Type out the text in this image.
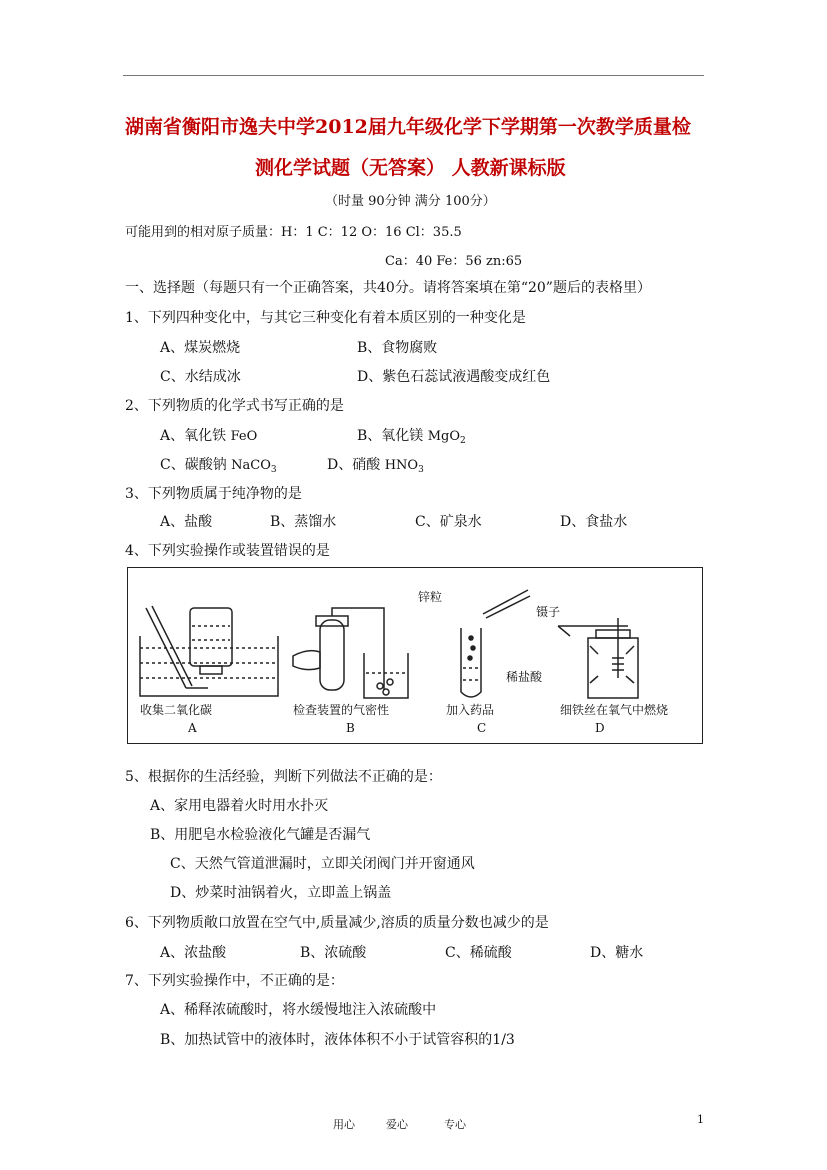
湖南省衡阳市逸夫中学2012届九年级化学下学期第一次教学质量检
测化学试题（无答案） 人教新课标版
（时量 90分钟 满分 100分）
可能用到的相对原子质量：H：1 C：12 O：16 Cl：35.5
Ca：40 Fe：56 zn:65
一、选择题（每题只有一个正确答案，共40分。请将答案填在第“20”题后的表格里）
1、下列四种变化中，与其它三种变化有着本质区别的一种变化是
A、煤炭燃烧	B、食物腐败
C、水结成冰	D、紫色石蕊试液遇酸变成红色
2、下列物质的化学式书写正确的是
A、氧化铁 FeO	B、氧化镁 MgO$_2$
C、碳酸钠 NaCO$_3$	D、硝酸 $HNO_3$
3、下列物质属于纯净物的是
A、盐酸	B、蒸馏水	C、矿泉水	D、食盐水
4、下列实验操作或装置错误的是
锌粒
镊子
稀盐酸
收集二氧化碳	检查装置的气密性	加入药品	细铁丝在氧气中燃烧
A	B	C	D
5、根据你的生活经验，判断下列做法不正确的是：
A、家用电器着火时用水扑灭
B、用肥皂水检验液化气罐是否漏气
C、天然气管道泄漏时，立即关闭阀门并开窗通风
D、炒菜时油锅着火，立即盖上锅盖
6、下列物质敞口放置在空气中,质量减少,溶质的质量分数也减少的是
A、浓盐酸	B、浓硫酸	C、稀硫酸	D、糖水
7、下列实验操作中，不正确的是：
A、稀释浓硫酸时，将水缓慢地注入浓硫酸中
B、加热试管中的液体时，液体体积不小于试管容积的1/3
用心	爱心	专心	1
